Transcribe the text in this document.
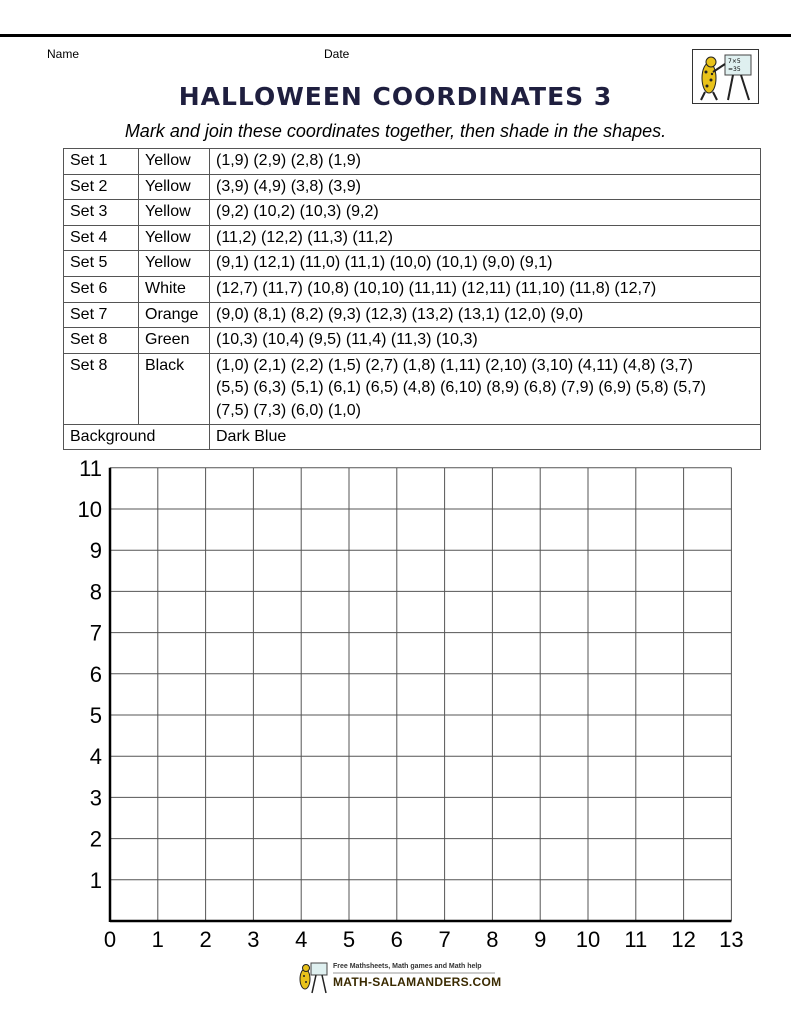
Name	Date
7×5
=35
HALLOWEEN COORDINATES 3
Mark and join these coordinates together, then shade in the shapes.
Set 1	Yellow	(1,9) (2,9) (2,8) (1,9)

Set 2	Yellow	(3,9) (4,9) (3,8) (3,9)

Set 3	Yellow	(9,2) (10,2) (10,3) (9,2)

Set 4	Yellow	(11,2) (12,2) (11,3) (11,2)

Set 5	Yellow	(9,1) (12,1) (11,0) (11,1) (10,0) (10,1) (9,0) (9,1)

Set 6	White	(12,7) (11,7) (10,8) (10,10) (11,11) (12,11) (11,10) (11,8) (12,7)

Set 7	Orange	(9,0) (8,1) (8,2) (9,3) (12,3) (13,2) (13,1) (12,0) (9,0)

Set 8	Green	(10,3) (10,4) (9,5) (11,4) (11,3) (10,3)

Set 8	Black	(1,0) (2,1) (2,2) (1,5) (2,7) (1,8) (1,11) (2,10) (3,10) (4,11) (4,8) (3,7)
(5,5) (6,3) (5,1) (6,1) (6,5) (4,8) (6,10) (8,9) (6,8) (7,9) (6,9) (5,8) (5,7)
(7,5) (7,3) (6,0) (1,0)

Background		Dark Blue
0 1 2 3 4 5 6 7 8 9 10 11 12 13
1
2
3
4
5
6
7
8
9
10
11
Free Mathsheets, Math games and Math help
MATH-SALAMANDERS.COM
